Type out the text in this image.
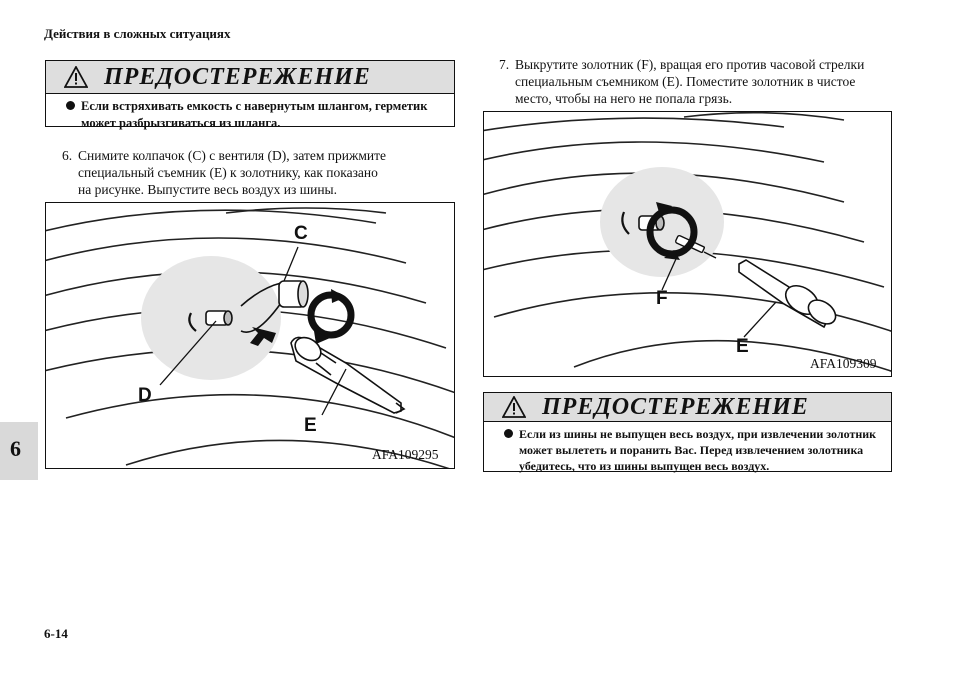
Действия в сложных ситуациях
6
ПРЕДОСТЕРЕЖЕНИЕ
Если встряхивать емкость с навернутым шлангом, герметик
может разбрызгиваться из шланга.
6. Снимите колпачок (C) с вентиля (D), затем прижмите
специальный съемник (E) к золотнику, как показано
на рисунке. Выпустите весь воздух из шины.
C
D
E
AFA109295
7. Выкрутите золотник (F), вращая его против часовой стрелки
специальным съемником (E). Поместите золотник в чистое
место, чтобы на него не попала грязь.
F
E
AFA109309
ПРЕДОСТЕРЕЖЕНИЕ
Если из шины не выпущен весь воздух, при извлечении золотник
может вылететь и поранить Вас. Перед извлечением золотника
убедитесь, что из шины выпущен весь воздух.
6-14
